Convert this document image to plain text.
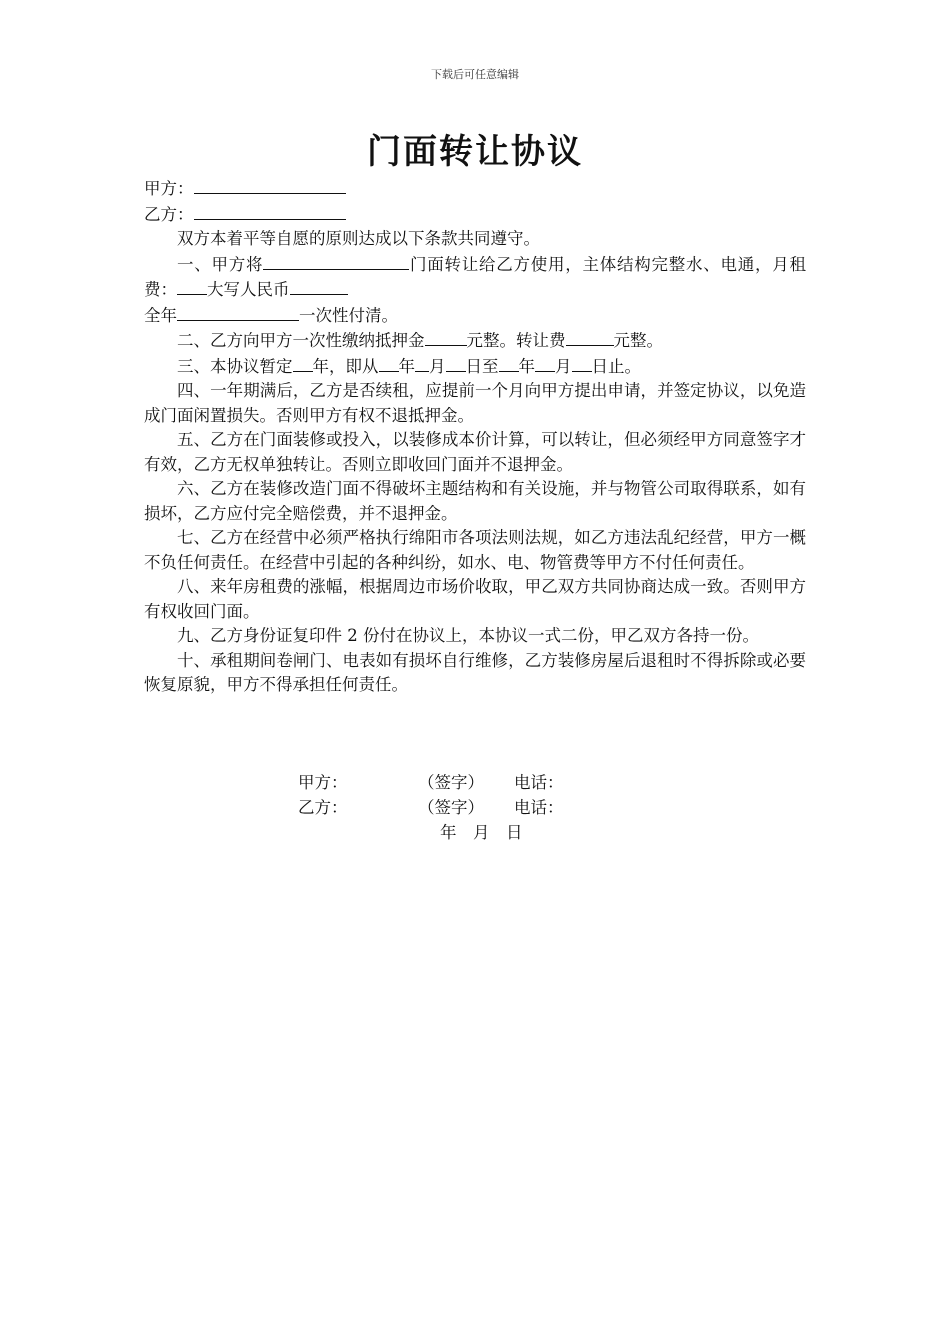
下载后可任意编辑
门面转让协议
甲方：
乙方：

双方本着平等自愿的原则达成以下条款共同遵守。

一、甲方将	门面转让给乙方使用，主体结构完整水、电通，月租费： 大写人民币

全年	一次性付清。

二、乙方向甲方一次性缴纳抵押金	元整。转让费	元整。

三、本协议暂定 年，即从 年 月 日至 年 月 日止。

四、一年期满后，乙方是否续租，应提前一个月向甲方提出申请，并签定协议，以免造成门面闲置损失。否则甲方有权不退抵押金。

五、乙方在门面装修或投入，以装修成本价计算，可以转让，但必须经甲方同意签字才有效，乙方无权单独转让。否则立即收回门面并不退押金。

六、乙方在装修改造门面不得破坏主题结构和有关设施，并与物管公司取得联系，如有损坏，乙方应付完全赔偿费，并不退押金。

七、乙方在经营中必须严格执行绵阳市各项法则法规，如乙方违法乱纪经营，甲方一概不负任何责任。在经营中引起的各种纠纷，如水、电、物管费等甲方不付任何责任。

八、来年房租费的涨幅，根据周边市场价收取，甲乙双方共同协商达成一致。否则甲方有权收回门面。

九、乙方身份证复印件 2 份付在协议上，本协议一式二份，甲乙双方各持一份。

十、承租期间卷闸门、电表如有损坏自行维修，乙方装修房屋后退租时不得拆除或必要恢复原貌，甲方不得承担任何责任。

甲方：	（签字） 电话：
乙方：	（签字） 电话：
年　月　日
